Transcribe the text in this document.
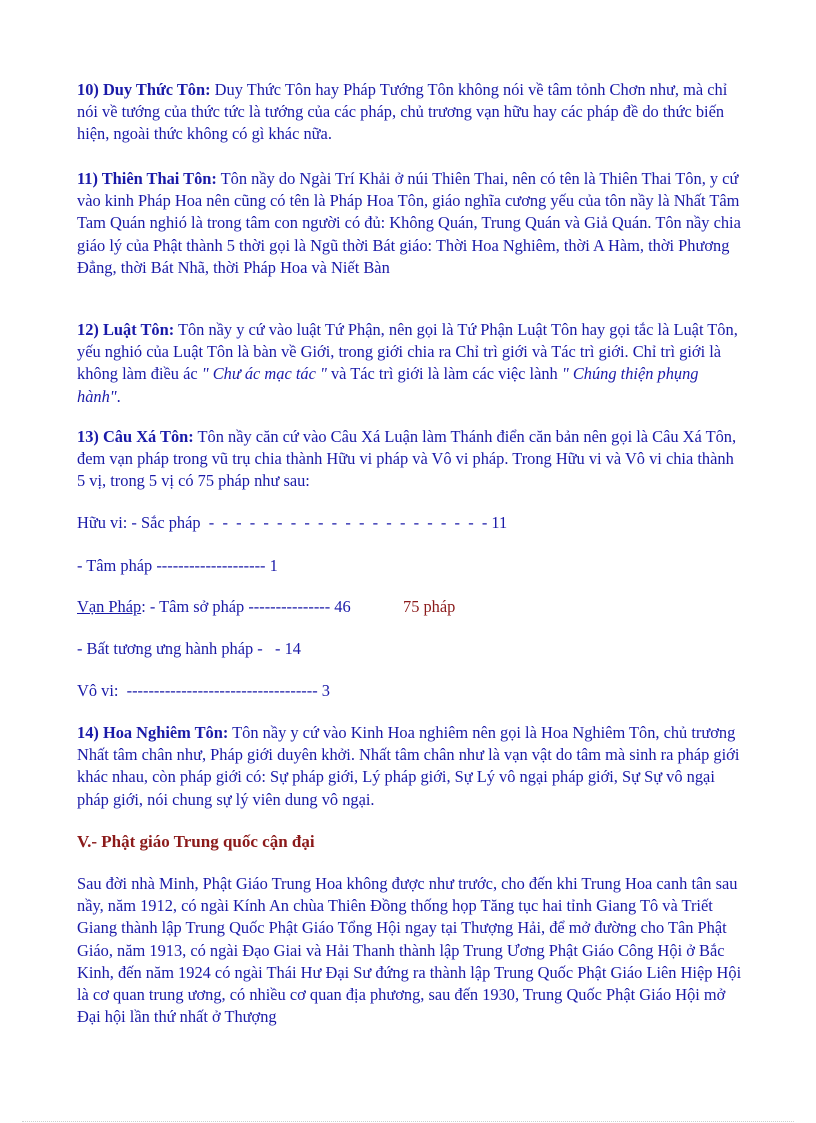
10) Duy Thức Tôn: Duy Thức Tôn hay Pháp Tướng Tôn không nói về tâm tỏnh Chơn như, mà chỉ nói về tướng của thức tức là tướng của các pháp, chủ trương vạn hữu hay các pháp đề do thức biến hiện, ngoài thức không có gì khác nữa.

11) Thiên Thai Tôn: Tôn nầy do Ngài Trí Khải ở núi Thiên Thai, nên có tên là Thiên Thai Tôn, y cứ vào kinh Pháp Hoa nên cũng có tên là Pháp Hoa Tôn, giáo nghĩa cương yếu của tôn nầy là Nhất Tâm Tam Quán nghió là trong tâm con người có đủ: Không Quán, Trung Quán và Giả Quán. Tôn nầy chia giáo lý của Phật thành 5 thời gọi là Ngũ thời Bát giáo: Thời Hoa Nghiêm, thời A Hàm, thời Phương Đẳng, thời Bát Nhã, thời Pháp Hoa và Niết Bàn

12) Luật Tôn: Tôn nầy y cứ vào luật Tứ Phận, nên gọi là Tứ Phận Luật Tôn hay gọi tắc là Luật Tôn, yếu nghió của Luật Tôn là bàn về Giới, trong giới chia ra Chỉ trì giới và Tác trì giới. Chỉ trì giới là không làm điều ác " Chư ác mạc tác " và Tác trì giới là làm các việc lành " Chúng thiện phụng hành".

13) Câu Xá Tôn: Tôn nầy căn cứ vào Câu Xá Luận làm Thánh điển căn bản nên gọi là Câu Xá Tôn, đem vạn pháp trong vũ trụ chia thành Hữu vi pháp và Vô vi pháp. Trong Hữu vi và Vô vi chia thành 5 vị, trong 5 vị có 75 pháp như sau:

Hữu vi: - Sắc pháp  -  -  -  -  -  -  -  -  -  -  -  -  -  -  -  -  -  -  -  -  - 11

- Tâm pháp -------------------- 1

Vạn Pháp: - Tâm sở pháp --------------- 46	75 pháp

- Bất tương ưng hành pháp -   - 14

Vô vi:  ----------------------------------- 3

14) Hoa Nghiêm Tôn: Tôn nầy y cứ vào Kinh Hoa nghiêm nên gọi là Hoa Nghiêm Tôn, chủ trương Nhất tâm chân như, Pháp giới duyên khởi. Nhất tâm chân như là vạn vật do tâm mà sinh ra pháp giới khác nhau, còn pháp giới có: Sự pháp giới, Lý pháp giới, Sự Lý vô ngại pháp giới, Sự Sự vô ngại pháp giới, nói chung sự lý viên dung vô ngại.

V.- Phật giáo Trung quốc cận đại

Sau đời nhà Minh, Phật Giáo Trung Hoa không được như trước, cho đến khi Trung Hoa canh tân sau nầy, năm 1912, có ngài Kính An chùa Thiên Đồng thống họp Tăng tục hai tỉnh Giang Tô và Triết Giang thành lập Trung Quốc Phật Giáo Tổng Hội ngay tại Thượng Hải, để mở đường cho Tân Phật Giáo, năm 1913, có ngài Đạo Giai và Hải Thanh thành lập Trung Ương Phật Giáo Công Hội ở Bắc Kinh, đến năm 1924 có ngài Thái Hư Đại Sư đứng ra thành lập Trung Quốc Phật Giáo Liên Hiệp Hội là cơ quan trung ương, có nhiều cơ quan địa phương, sau đến 1930, Trung Quốc Phật Giáo Hội mở Đại hội lần thứ nhất ở Thượng
